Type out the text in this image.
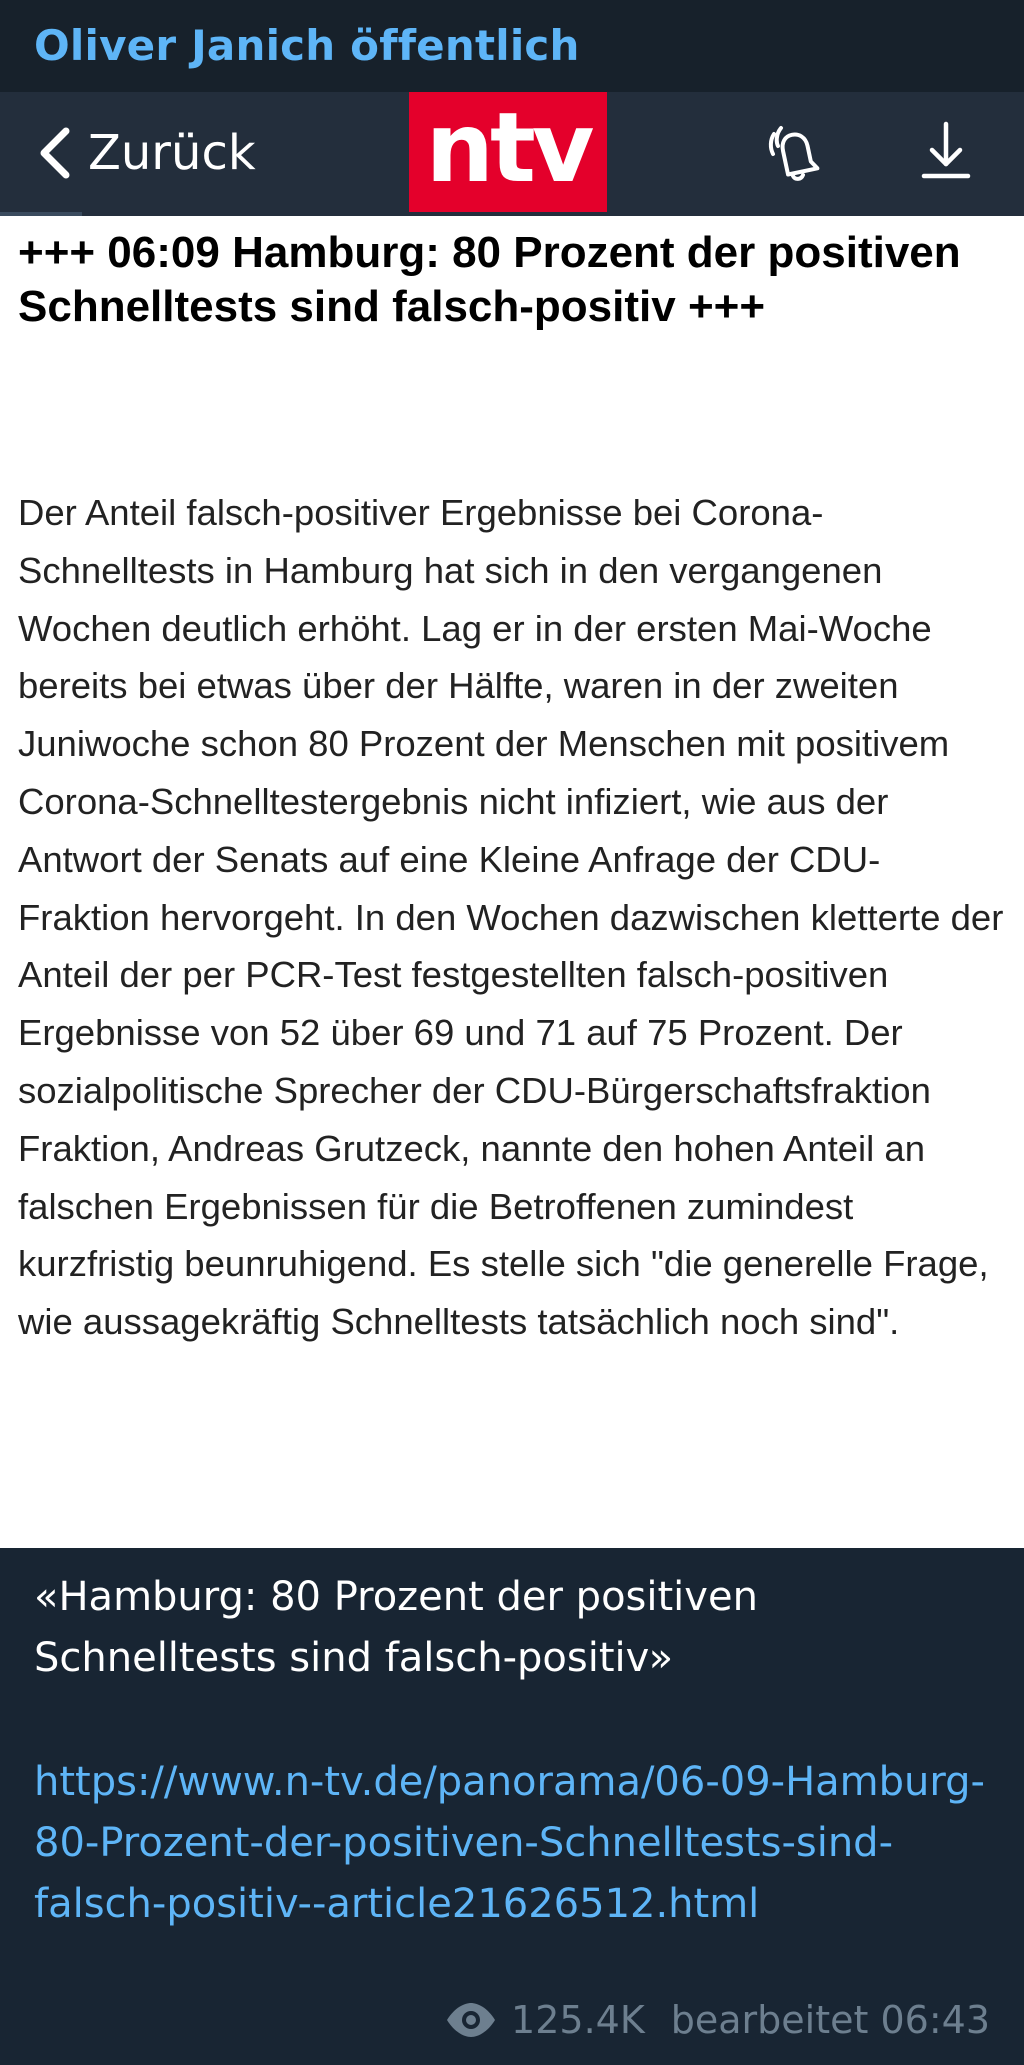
Oliver Janich öffentlich
Zurück ntv
+++ 06:09 Hamburg: 80 Prozent der positiven Schnelltests sind falsch-positiv +++

Der Anteil falsch-positiver Ergebnisse bei Corona-Schnelltests in Hamburg hat sich in den vergangenen Wochen deutlich erhöht. Lag er in der ersten Mai-Woche bereits bei etwas über der Hälfte, waren in der zweiten Juniwoche schon 80 Prozent der Menschen mit positivem Corona-Schnelltestergebnis nicht infiziert, wie aus der Antwort der Senats auf eine Kleine Anfrage der CDU-Fraktion hervorgeht. In den Wochen dazwischen kletterte der Anteil der per PCR-Test festgestellten falsch-positiven Ergebnisse von 52 über 69 und 71 auf 75 Prozent. Der sozialpolitische Sprecher der CDU-Bürgerschaftsfraktion Fraktion, Andreas Grutzeck, nannte den hohen Anteil an falschen Ergebnissen für die Betroffenen zumindest kurzfristig beunruhigend. Es stelle sich "die generelle Frage, wie aussagekräftig Schnelltests tatsächlich noch sind".

«Hamburg: 80 Prozent der positiven Schnelltests sind falsch-positiv»
https://www.n-tv.de/panorama/06-09-Hamburg-80-Prozent-der-positiven-Schnelltests-sind-falsch-positiv--article21626512.html
125.4K bearbeitet 06:43
